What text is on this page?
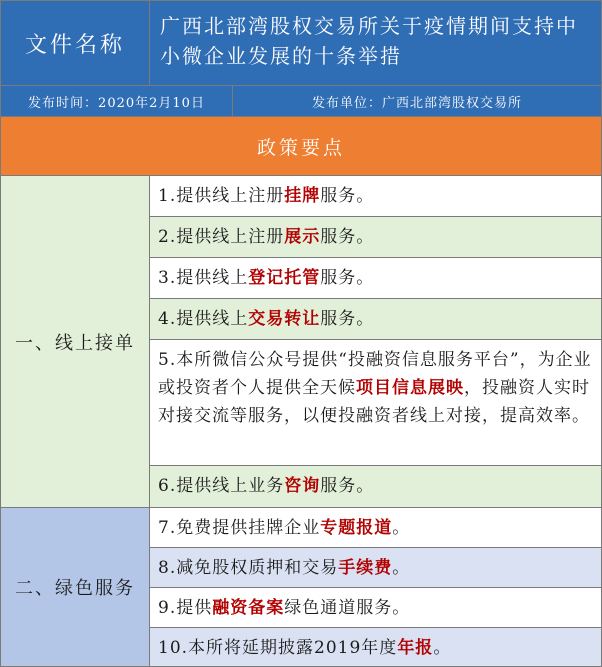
文件名称
广西北部湾股权交易所关于疫情期间支持中小微企业发展的十条举措
发布时间：2020年2月10日	发布单位：广西北部湾股权交易所
政策要点
一、线上接单
二、绿色服务
1.提供线上注册挂牌服务。
2.提供线上注册展示服务。
3.提供线上登记托管服务。
4.提供线上交易转让服务。
5.本所微信公众号提供“投融资信息服务平台”，为企业或投资者个人提供全天候项目信息展映，投融资人实时对接交流等服务，以便投融资者线上对接，提高效率。
6.提供线上业务咨询服务。
7.免费提供挂牌企业专题报道。
8.减免股权质押和交易手续费。
9.提供融资备案绿色通道服务。
10.本所将延期披露2019年度年报。
